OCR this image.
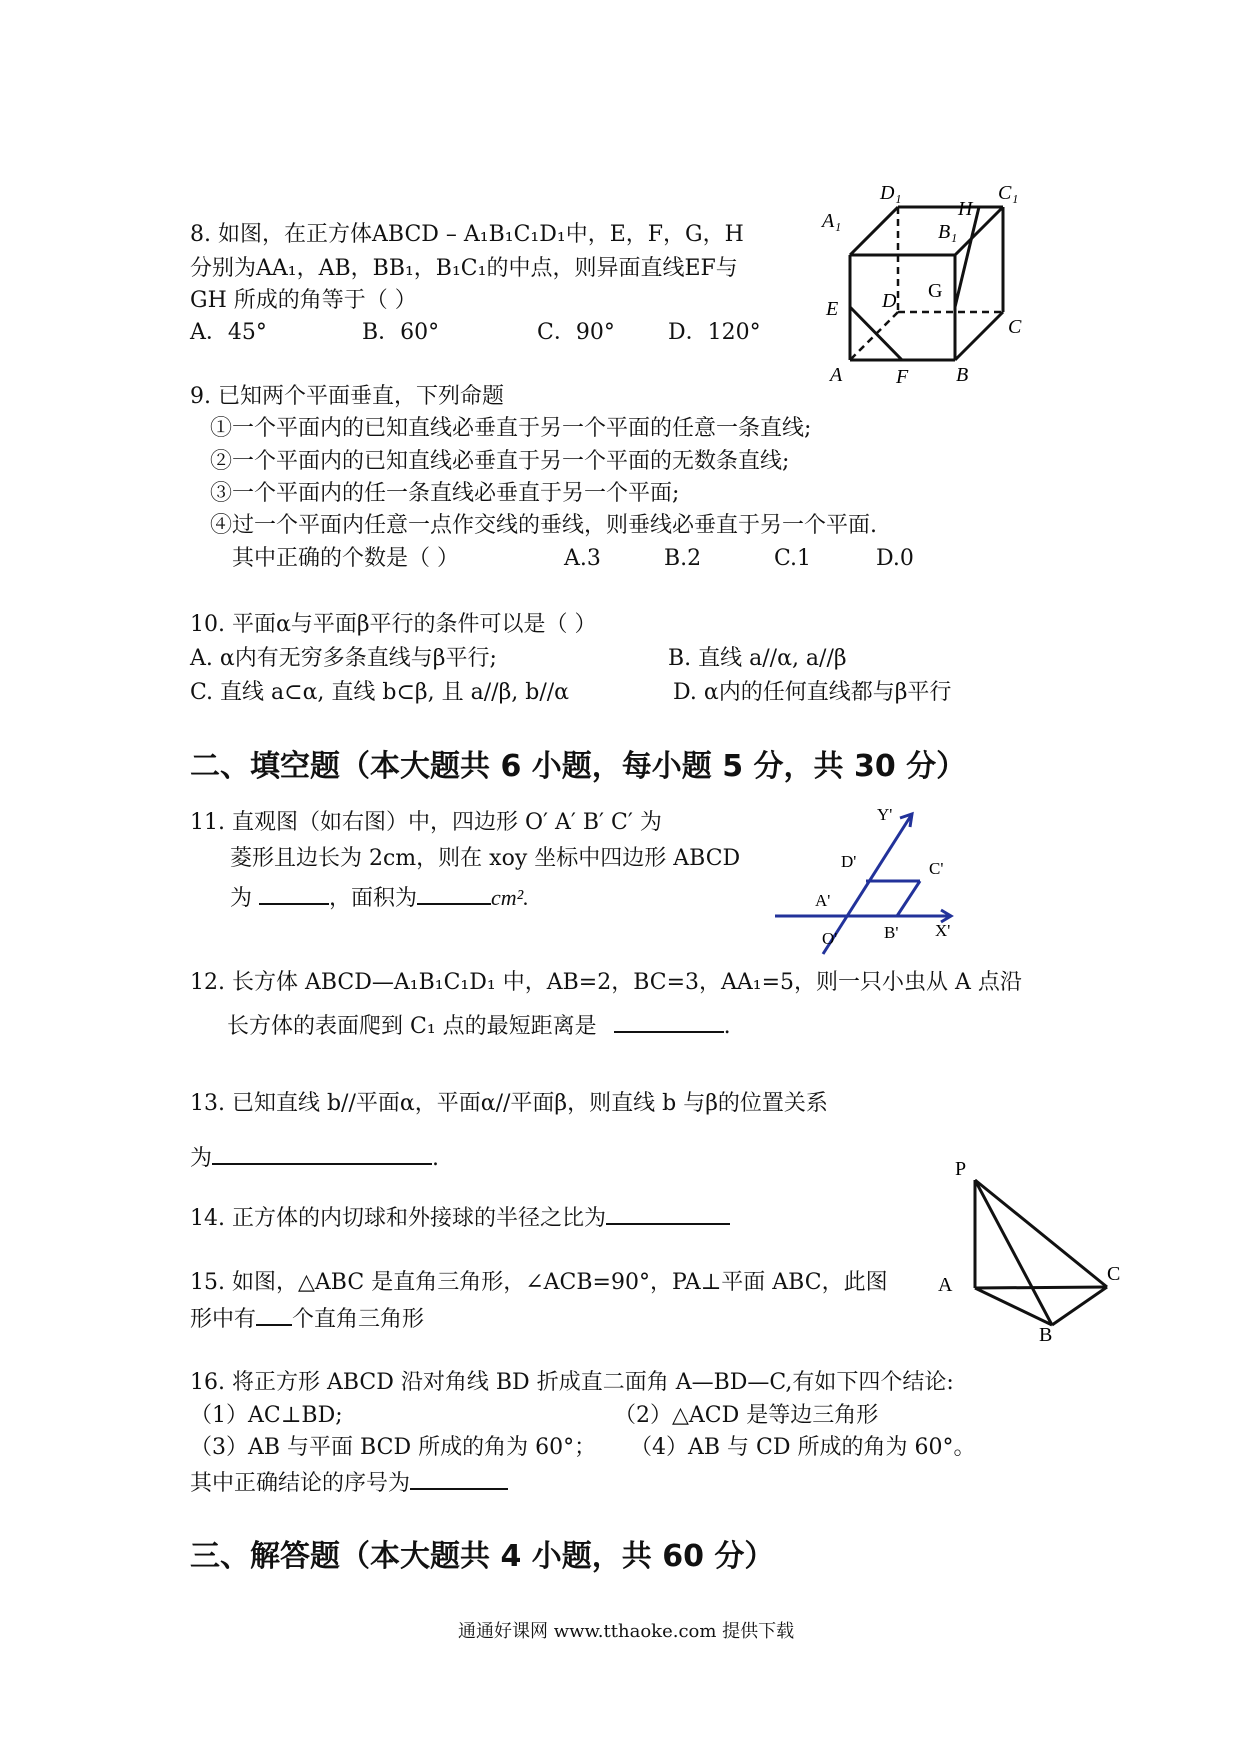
8. 如图，在正方体ABCD – A₁B₁C₁D₁中，E，F，G，H
分别为AA₁，AB，BB₁，B₁C₁的中点，则异面直线EF与
GH 所成的角等于（ ）
A．45°	B．60°	C．90° D．120°
D₁	C₁
A₁	B₁
H
G
E D
C
A	F B
9. 已知两个平面垂直，下列命题
①一个平面内的已知直线必垂直于另一个平面的任意一条直线;
②一个平面内的已知直线必垂直于另一个平面的无数条直线;
③一个平面内的任一条直线必垂直于另一个平面;
④过一个平面内任意一点作交线的垂线，则垂线必垂直于另一个平面.
其中正确的个数是（ ）	A.3	B.2	C.1	D.0
10. 平面α与平面β平行的条件可以是（ ）
A. α内有无穷多条直线与β平行;	B. 直线 a//α, a//β
C. 直线 a⊂α, 直线 b⊂β, 且 a//β, b//α	D. α内的任何直线都与β平行
二、填空题（本大题共 6 小题，每小题 5 分，共 30 分）
11. 直观图（如右图）中，四边形 O′ A′ B′ C′ 为
菱形且边长为 2cm，则在 xoy 坐标中四边形 ABCD
为	，面积为	cm².
Y'
D'	C'
A'
B' X'
O'
12. 长方体 ABCD—A₁B₁C₁D₁ 中，AB=2，BC=3，AA₁=5，则一只小虫从 A 点沿
长方体的表面爬到 C₁ 点的最短距离是	.
13. 已知直线 b//平面α，平面α//平面β，则直线 b 与β的位置关系
为	.
14. 正方体的内切球和外接球的半径之比为
15. 如图，△ABC 是直角三角形，∠ACB=90°，PA⊥平面 ABC，此图
形中有 个直角三角形
P
A	C
B
16. 将正方形 ABCD 沿对角线 BD 折成直二面角 A—BD—C,有如下四个结论:
（1）AC⊥BD;	（2）△ACD 是等边三角形
（3）AB 与平面 BCD 所成的角为 60°； （4）AB 与 CD 所成的角为 60°。
其中正确结论的序号为
三、解答题（本大题共 4 小题，共 60 分）
通通好课网 www.tthaoke.com 提供下载
